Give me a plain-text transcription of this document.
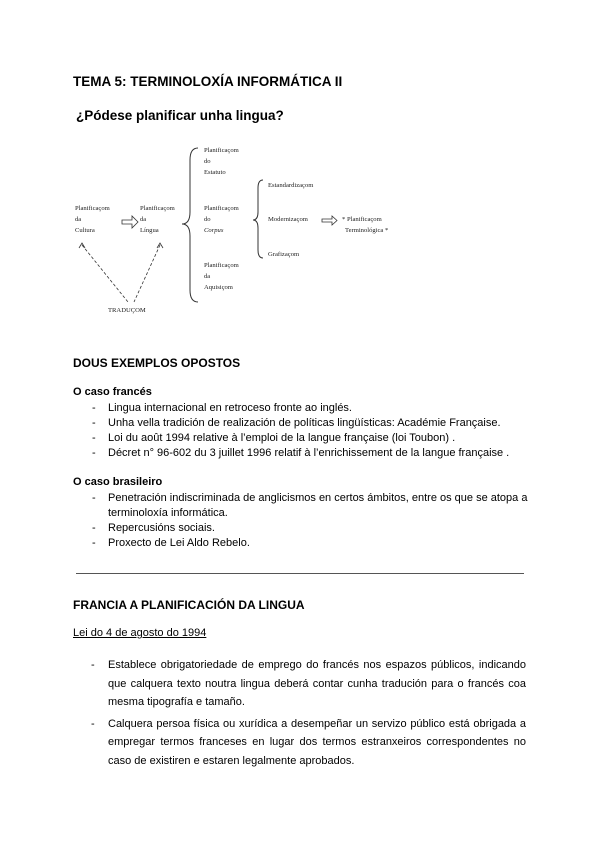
TEMA 5: TERMINOLOXÍA INFORMÁTICA II
¿Pódese planificar unha lingua?
Planificaçom
da
Cultura
Planificaçom
da
Língua
Planificaçom
do
Estatuto
Planificaçom
do
Corpus
Planificaçom
da
Aquisiçom
Estandardizaçom
Modernizaçom
Grafizaçom
* Planificaçom
Terminológica *
TRADUÇOM
DOUS EXEMPLOS OPOSTOS
O caso francés
- Lingua internacional en retroceso fronte ao inglés.
- Unha vella tradición de realización de políticas lingüísticas: Académie Française.
- Loi du août 1994 relative à l’emploi de la langue française (loi Toubon) .
- Décret n° 96-602 du 3 juillet 1996 relatif à l’enrichissement de la langue française .
O caso brasileiro
- Penetración indiscriminada de anglicismos en certos ámbitos, entre os que se atopa a terminoloxía informática.
- Repercusións sociais.
- Proxecto de Lei Aldo Rebelo.
FRANCIA A PLANIFICACIÓN DA LINGUA
Lei do 4 de agosto do 1994
- Establece obrigatoriedade de emprego do francés nos espazos públicos, indicando que calquera texto noutra lingua deberá contar cunha tradución para o francés coa mesma tipografía e tamaño.
- Calquera persoa física ou xurídica a desempeñar un servizo público está obrigada a empregar termos franceses en lugar dos termos estranxeiros correspondentes no caso de existiren e estaren legalmente aprobados.
